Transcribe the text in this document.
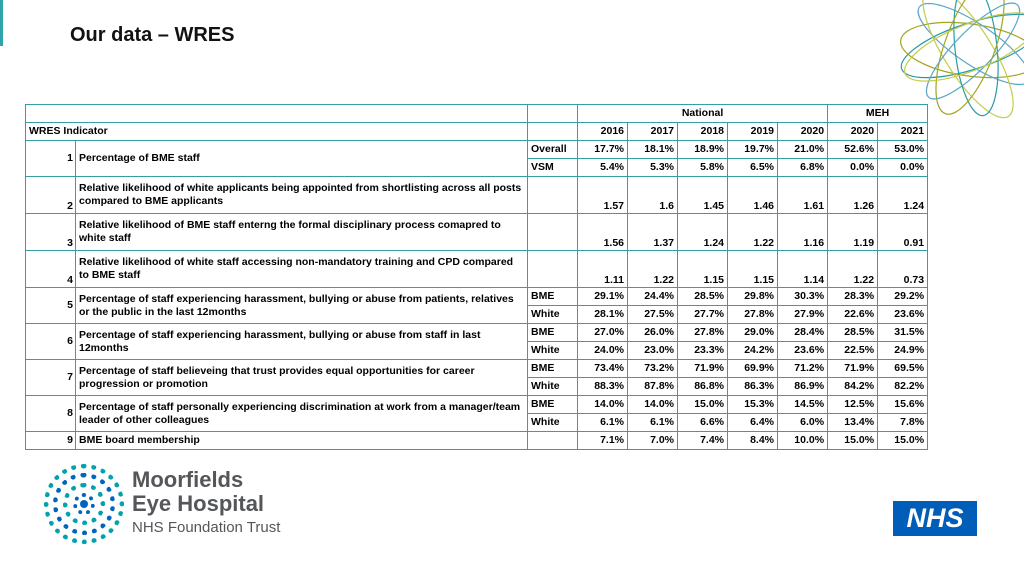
Our data – WRES
			National					MEH	
WRES Indicator			2016	2017	2018	2019	2020	2020	2021
1	Percentage of BME staff	Overall	17.7%	18.1%	18.9%	19.7%	21.0%	52.6%	53.0%
		VSM	5.4%	5.3%	5.8%	6.5%	6.8%	0.0%	0.0%
2	Relative likelihood of white applicants being appointed from shortlisting across all posts compared to BME applicants		1.57	1.6	1.45	1.46	1.61	1.26	1.24
3	Relative likelihood of BME staff enterng the formal disciplinary process comapred to white staff		1.56	1.37	1.24	1.22	1.16	1.19	0.91
4	Relative likelihood of white staff accessing non-mandatory training and CPD compared to BME staff		1.11	1.22	1.15	1.15	1.14	1.22	0.73
5	Percentage of staff experiencing harassment, bullying or abuse from patients, relatives or the public in the last 12months	BME	29.1%	24.4%	28.5%	29.8%	30.3%	28.3%	29.2%
		White	28.1%	27.5%	27.7%	27.8%	27.9%	22.6%	23.6%
6	Percentage of staff experiencing harassment, bullying or abuse from staff in last 12months	BME	27.0%	26.0%	27.8%	29.0%	28.4%	28.5%	31.5%
		White	24.0%	23.0%	23.3%	24.2%	23.6%	22.5%	24.9%
7	Percentage of staff believeing that trust provides equal opportunities for career progression or promotion	BME	73.4%	73.2%	71.9%	69.9%	71.2%	71.9%	69.5%
		White	88.3%	87.8%	86.8%	86.3%	86.9%	84.2%	82.2%
8	Percentage of staff personally experiencing discrimination at work from a manager/team leader of other colleagues	BME	14.0%	14.0%	15.0%	15.3%	14.5%	12.5%	15.6%
		White	6.1%	6.1%	6.6%	6.4%	6.0%	13.4%	7.8%
9	BME board membership		7.1%	7.0%	7.4%	8.4%	10.0%	15.0%	15.0%
Moorfields
Eye Hospital
NHS Foundation Trust	NHS
